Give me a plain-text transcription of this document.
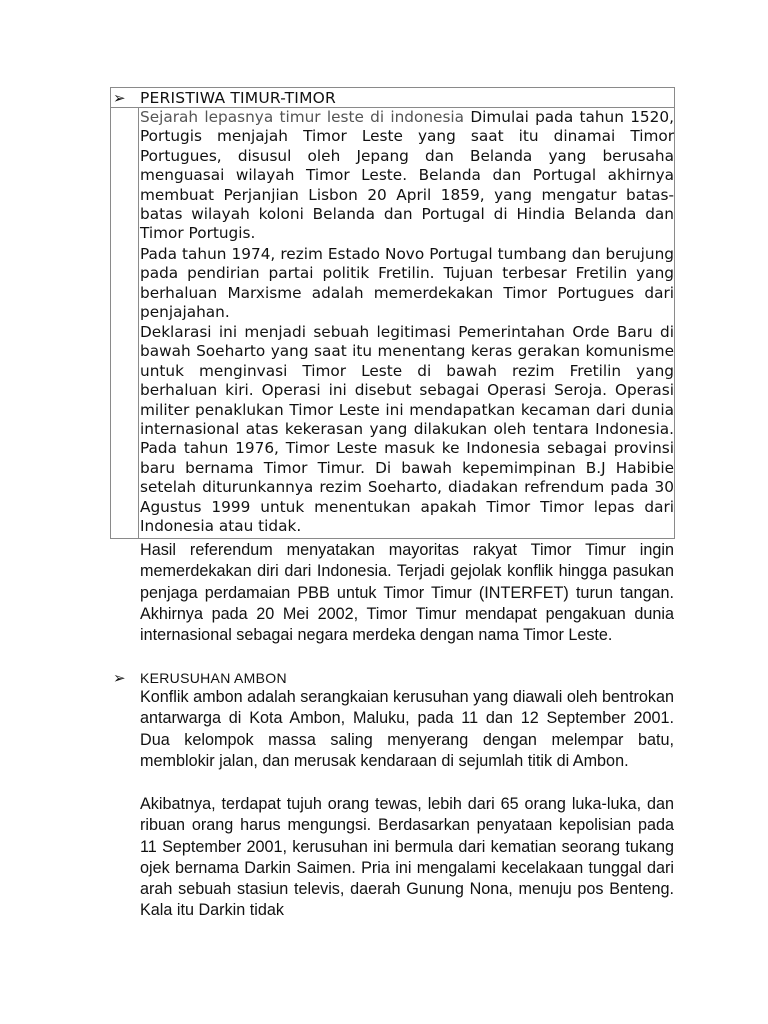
➢ PERISTIWA TIMUR-TIMOR

Sejarah lepasnya timur leste di indonesia Dimulai pada tahun 1520, Portugis menjajah Timor Leste yang saat itu dinamai Timor Portugues, disusul oleh Jepang dan Belanda yang berusaha menguasai wilayah Timor Leste. Belanda dan Portugal akhirnya membuat Perjanjian Lisbon 20 April 1859, yang mengatur batas-batas wilayah koloni Belanda dan Portugal di Hindia Belanda dan Timor Portugis.

Pada tahun 1974, rezim Estado Novo Portugal tumbang dan berujung pada pendirian partai politik Fretilin. Tujuan terbesar Fretilin yang berhaluan Marxisme adalah memerdekakan Timor Portugues dari penjajahan.

Deklarasi ini menjadi sebuah legitimasi Pemerintahan Orde Baru di bawah Soeharto yang saat itu menentang keras gerakan komunisme untuk menginvasi Timor Leste di bawah rezim Fretilin yang berhaluan kiri. Operasi ini disebut sebagai Operasi Seroja. Operasi militer penaklukan Timor Leste ini mendapatkan kecaman dari dunia internasional atas kekerasan yang dilakukan oleh tentara Indonesia. Pada tahun 1976, Timor Leste masuk ke Indonesia sebagai provinsi baru bernama Timor Timur. Di bawah kepemimpinan B.J Habibie setelah diturunkannya rezim Soeharto, diadakan refrendum pada 30 Agustus 1999 untuk menentukan apakah Timor Timor lepas dari Indonesia atau tidak.

Hasil referendum menyatakan mayoritas rakyat Timor Timur ingin memerdekakan diri dari Indonesia. Terjadi gejolak konflik hingga pasukan penjaga perdamaian PBB untuk Timor Timur (INTERFET) turun tangan. Akhirnya pada 20 Mei 2002, Timor Timur mendapat pengakuan dunia internasional sebagai negara merdeka dengan nama Timor Leste.

➢ KERUSUHAN AMBON

Konflik ambon adalah serangkaian kerusuhan yang diawali oleh bentrokan antarwarga di Kota Ambon, Maluku, pada 11 dan 12 September 2001. Dua kelompok massa saling menyerang dengan melempar batu, memblokir jalan, dan merusak kendaraan di sejumlah titik di Ambon.

Akibatnya, terdapat tujuh orang tewas, lebih dari 65 orang luka-luka, dan ribuan orang harus mengungsi. Berdasarkan penyataan kepolisian pada 11 September 2001, kerusuhan ini bermula dari kematian seorang tukang ojek bernama Darkin Saimen. Pria ini mengalami kecelakaan tunggal dari arah sebuah stasiun televis, daerah Gunung Nona, menuju pos Benteng. Kala itu Darkin tidak
